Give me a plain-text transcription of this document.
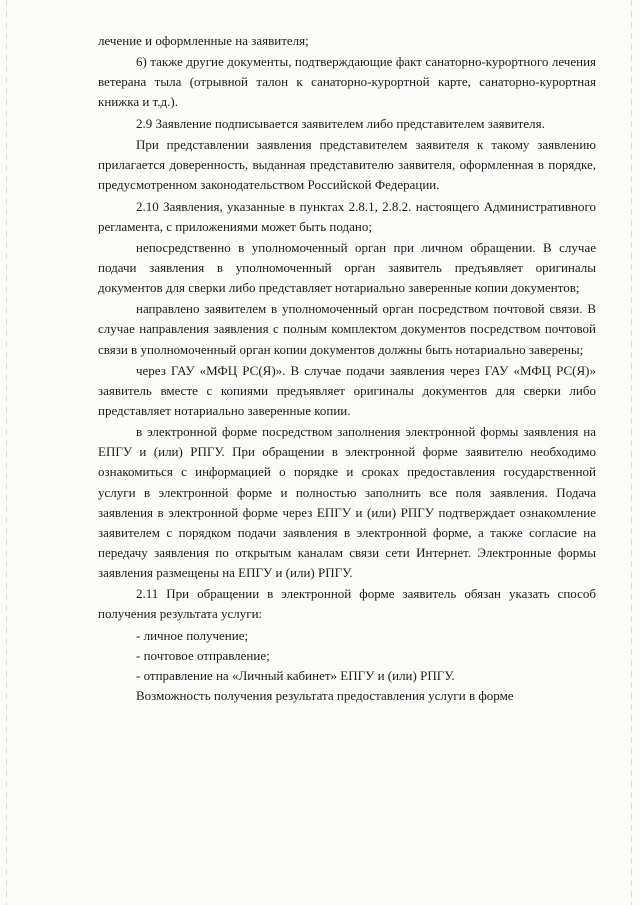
лечение и оформленные на заявителя;

6) также другие документы, подтверждающие факт санаторно-курортного лечения ветерана тыла (отрывной талон к санаторно-курортной карте, санаторно-курортная книжка и т.д.).

2.9 Заявление подписывается заявителем либо представителем заявителя.

При представлении заявления представителем заявителя к такому заявлению прилагается доверенность, выданная представителю заявителя, оформленная в порядке, предусмотренном законодательством Российской Федерации.

2.10 Заявления, указанные в пунктах 2.8.1, 2.8.2. настоящего Административного регламента, с приложениями может быть подано;

непосредственно в уполномоченный орган при личном обращении. В случае подачи заявления в уполномоченный орган заявитель предъявляет оригиналы документов для сверки либо представляет нотариально заверенные копии документов;

направлено заявителем в уполномоченный орган посредством почтовой связи. В случае направления заявления с полным комплектом документов посредством почтовой связи в уполномоченный орган копии документов должны быть нотариально заверены;

через ГАУ «МФЦ РС(Я)». В случае подачи заявления через ГАУ «МФЦ РС(Я)» заявитель вместе с копиями предъявляет оригиналы документов для сверки либо представляет нотариально заверенные копии.

в электронной форме посредством заполнения электронной формы заявления на ЕПГУ и (или) РПГУ. При обращении в электронной форме заявителю необходимо ознакомиться с информацией о порядке и сроках предоставления государственной услуги в электронной форме и полностью заполнить все поля заявления. Подача заявления в электронной форме через ЕПГУ и (или) РПГУ подтверждает ознакомление заявителем с порядком подачи заявления в электронной форме, а также согласие на передачу заявления по открытым каналам связи сети Интернет. Электронные формы заявления размещены на ЕПГУ и (или) РПГУ.

2.11 При обращении в электронной форме заявитель обязан указать способ получения результата услуги:

- личное получение;

- почтовое отправление;

- отправление на «Личный кабинет» ЕПГУ и (или) РПГУ.

Возможность получения результата предоставления услуги в форме
